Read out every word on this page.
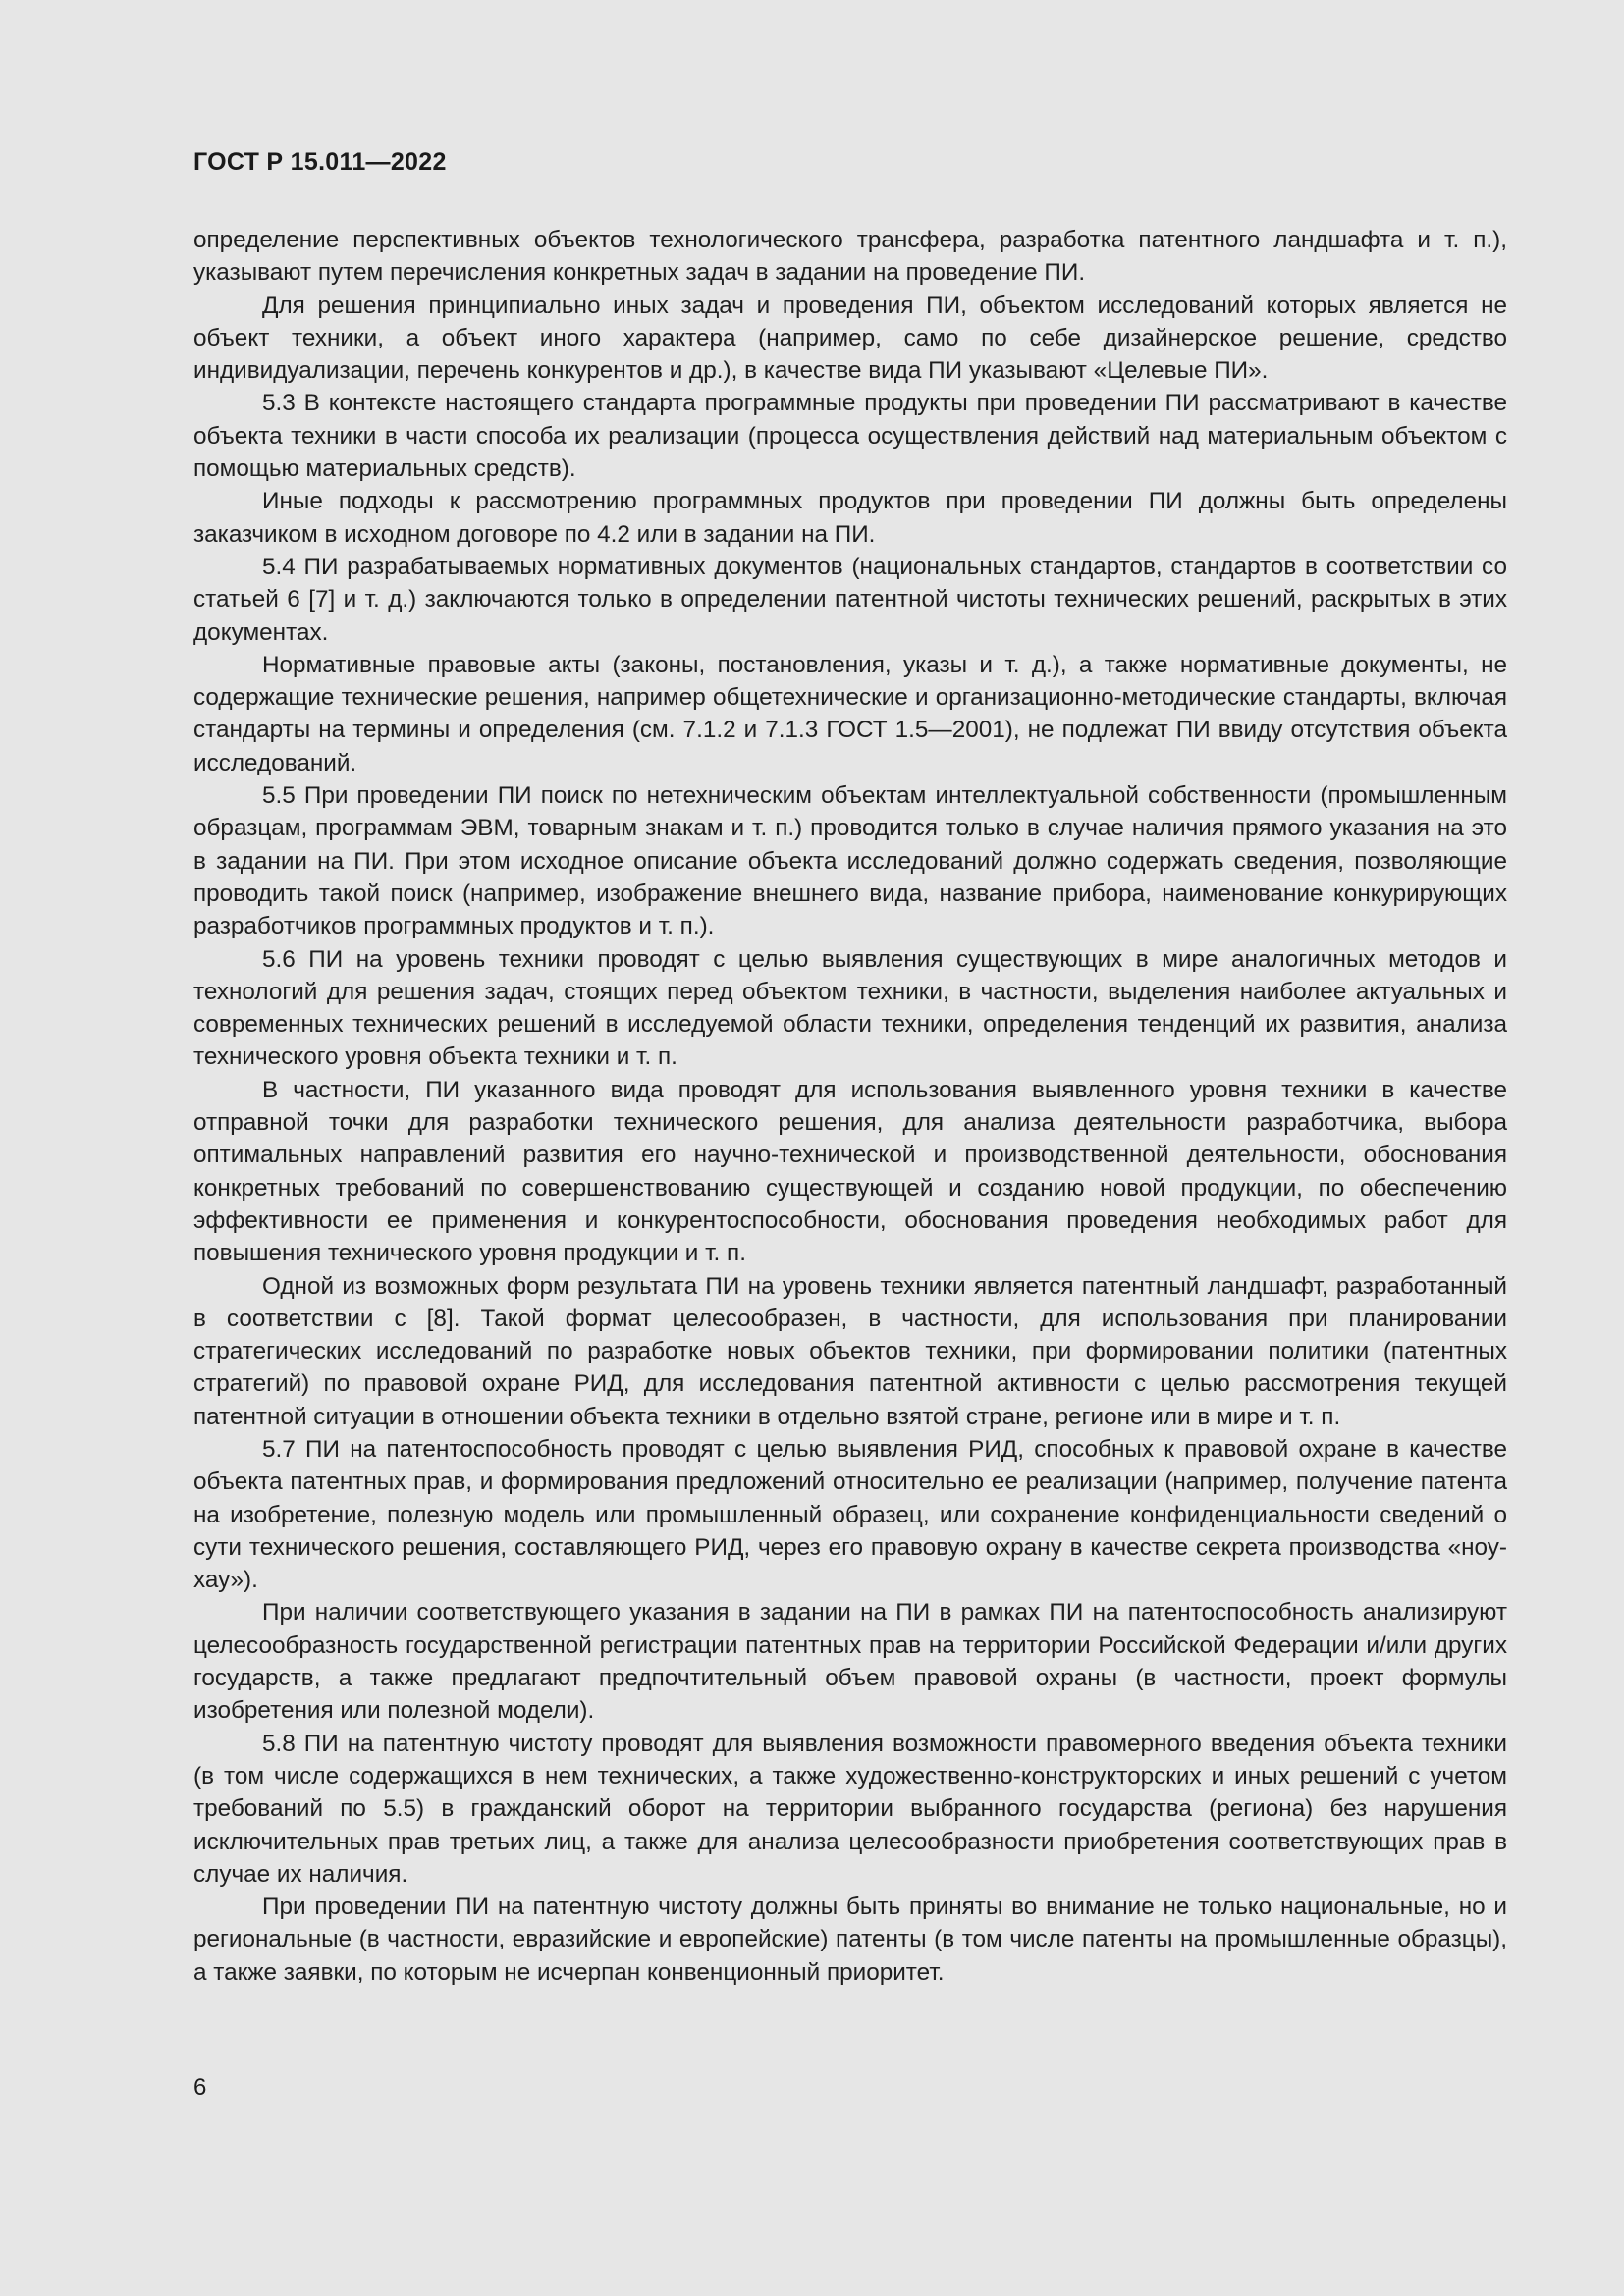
ГОСТ Р 15.011—2022

определение перспективных объектов технологического трансфера, разработка патентного ландшафта и т. п.), указывают путем перечисления конкретных задач в задании на проведение ПИ.

Для решения принципиально иных задач и проведения ПИ, объектом исследований которых является не объект техники, а объект иного характера (например, само по себе дизайнерское решение, средство индивидуализации, перечень конкурентов и др.), в качестве вида ПИ указывают «Целевые ПИ».

5.3 В контексте настоящего стандарта программные продукты при проведении ПИ рассматривают в качестве объекта техники в части способа их реализации (процесса осуществления действий над материальным объектом с помощью материальных средств).

Иные подходы к рассмотрению программных продуктов при проведении ПИ должны быть определены заказчиком в исходном договоре по 4.2 или в задании на ПИ.

5.4 ПИ разрабатываемых нормативных документов (национальных стандартов, стандартов в соответствии со статьей 6 [7] и т. д.) заключаются только в определении патентной чистоты технических решений, раскрытых в этих документах.

Нормативные правовые акты (законы, постановления, указы и т. д.), а также нормативные документы, не содержащие технические решения, например общетехнические и организационно-методические стандарты, включая стандарты на термины и определения (см. 7.1.2 и 7.1.3 ГОСТ 1.5—2001), не подлежат ПИ ввиду отсутствия объекта исследований.

5.5 При проведении ПИ поиск по нетехническим объектам интеллектуальной собственности (промышленным образцам, программам ЭВМ, товарным знакам и т. п.) проводится только в случае наличия прямого указания на это в задании на ПИ. При этом исходное описание объекта исследований должно содержать сведения, позволяющие проводить такой поиск (например, изображение внешнего вида, название прибора, наименование конкурирующих разработчиков программных продуктов и т. п.).

5.6 ПИ на уровень техники проводят с целью выявления существующих в мире аналогичных методов и технологий для решения задач, стоящих перед объектом техники, в частности, выделения наиболее актуальных и современных технических решений в исследуемой области техники, определения тенденций их развития, анализа технического уровня объекта техники и т. п.

В частности, ПИ указанного вида проводят для использования выявленного уровня техники в качестве отправной точки для разработки технического решения, для анализа деятельности разработчика, выбора оптимальных направлений развития его научно-технической и производственной деятельности, обоснования конкретных требований по совершенствованию существующей и созданию новой продукции, по обеспечению эффективности ее применения и конкурентоспособности, обоснования проведения необходимых работ для повышения технического уровня продукции и т. п.

Одной из возможных форм результата ПИ на уровень техники является патентный ландшафт, разработанный в соответствии с [8]. Такой формат целесообразен, в частности, для использования при планировании стратегических исследований по разработке новых объектов техники, при формировании политики (патентных стратегий) по правовой охране РИД, для исследования патентной активности с целью рассмотрения текущей патентной ситуации в отношении объекта техники в отдельно взятой стране, регионе или в мире и т. п.

5.7 ПИ на патентоспособность проводят с целью выявления РИД, способных к правовой охране в качестве объекта патентных прав, и формирования предложений относительно ее реализации (например, получение патента на изобретение, полезную модель или промышленный образец, или сохранение конфиденциальности сведений о сути технического решения, составляющего РИД, через его правовую охрану в качестве секрета производства «ноу-хау»).

При наличии соответствующего указания в задании на ПИ в рамках ПИ на патентоспособность анализируют целесообразность государственной регистрации патентных прав на территории Российской Федерации и/или других государств, а также предлагают предпочтительный объем правовой охраны (в частности, проект формулы изобретения или полезной модели).

5.8 ПИ на патентную чистоту проводят для выявления возможности правомерного введения объекта техники (в том числе содержащихся в нем технических, а также художественно-конструкторских и иных решений с учетом требований по 5.5) в гражданский оборот на территории выбранного государства (региона) без нарушения исключительных прав третьих лиц, а также для анализа целесообразности приобретения соответствующих прав в случае их наличия.

При проведении ПИ на патентную чистоту должны быть приняты во внимание не только национальные, но и региональные (в частности, евразийские и европейские) патенты (в том числе патенты на промышленные образцы), а также заявки, по которым не исчерпан конвенционный приоритет.

6
